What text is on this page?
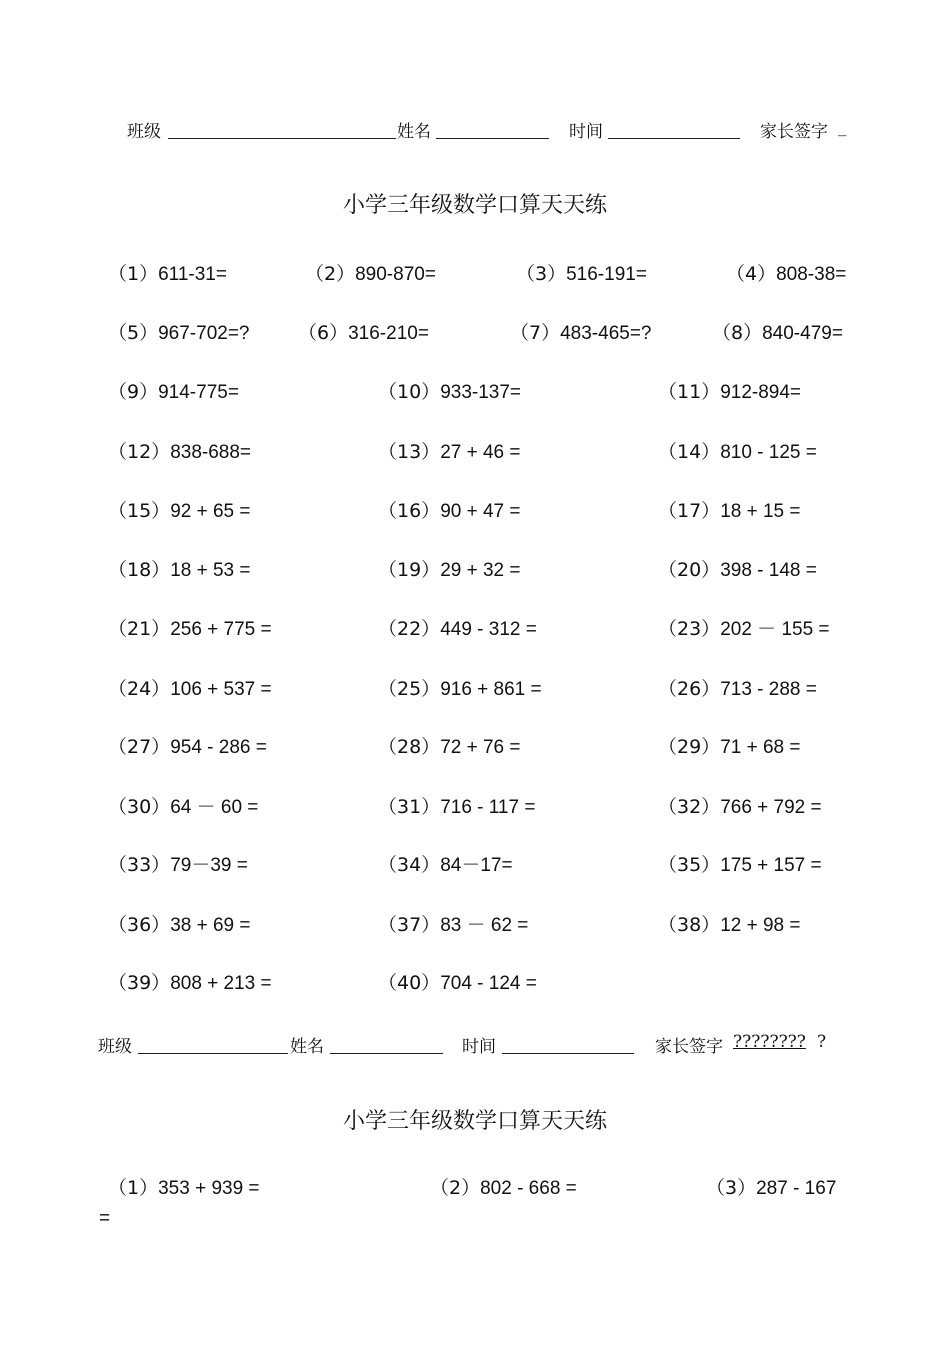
班级	姓名	时间	家长签字 _
小学三年级数学口算天天练
（1）611-31=	（2）890-870=	（3）516-191=	（4）808-38=
（5）967-702=?	（6）316-210=	（7）483-465=?	（8）840-479=
（9）914-775=	（10）933-137=	（11）912-894=
（12）838-688=	（13）27 + 46 =	（14）810 - 125 =
（15）92 + 65 =	（16）90 + 47 =	（17）18 + 15 =
（18）18 + 53 =	（19）29 + 32 =	（20）398 - 148 =
（21）256 + 775 =	（22）449 - 312 =	（23）202 － 155 =
（24）106 + 537 =	（25）916 + 861 =	（26）713 - 288 =
（27）954 - 286 =	（28）72 + 76 =	（29）71 + 68 =
（30）64 － 60 =	（31）716 - 117 =	（32）766 + 792 =
（33）79－39 =	（34）84－17=	（35）175 + 157 =
（36）38 + 69 =	（37）83 － 62 =	（38）12 + 98 =
（39）808 + 213 =	（40）704 - 124 =
班级	姓名	时间	家长签字 ???????? ?
小学三年级数学口算天天练
（1）353 + 939 =	（2）802 - 668 =	（3）287 - 167
=
